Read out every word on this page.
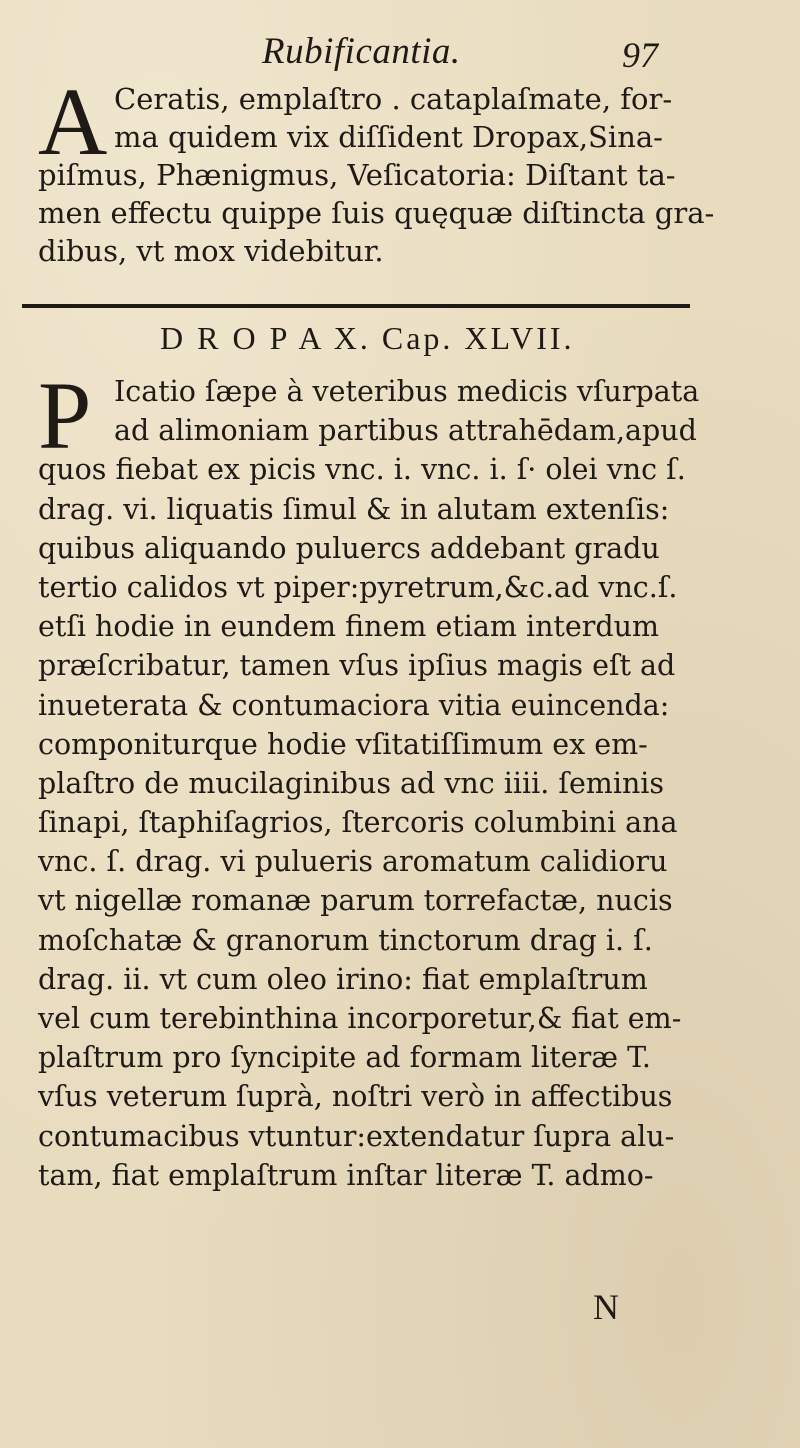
Rubificantia.	97
A Ceratis, emplaſtro . cataplaſmate, for-
ma quidem vix diſſident Dropax,Sina-
piſmus, Phænigmus, Veſicatoria: Diſtant ta-
men effectu quippe ſuis quęquæ diſtincta gra-
dibus, vt mox videbitur.
D R O P A X. Cap. XLVII.
P Icatio ſæpe à veteribus medicis vſurpata
ad alimoniam partibus attrahēdam,apud
quos fiebat ex picis vnc. i. vnc. i. ſ· olei vnc ſ.
drag. vi. liquatis ſimul & in alutam extenſis:
quibus aliquando puluercs addebant gradu
tertio calidos vt piper:pyretrum,&c.ad vnc.ſ.
etſi hodie in eundem finem etiam interdum
præſcribatur, tamen vſus ipſius magis eſt ad
inueterata & contumaciora vitia euincenda:
componiturque hodie vſitatiſſimum ex em-
plaſtro de mucilaginibus ad vnc iiii. ſeminis
ſinapi, ſtaphiſagrios, ſtercoris columbini ana
vnc. ſ. drag. vi pulueris aromatum calidioru
vt nigellæ romanæ parum torrefactæ, nucis
moſchatæ & granorum tinctorum drag i. ſ.
drag. ii. vt cum oleo irino: fiat emplaſtrum
vel cum terebinthina incorporetur,& fiat em-
plaſtrum pro ſyncipite ad formam literæ T.
vſus veterum ſuprà, noſtri verò in affectibus
contumacibus vtuntur:extendatur ſupra alu-
tam, fiat emplaſtrum inſtar literæ T. admo-
N
